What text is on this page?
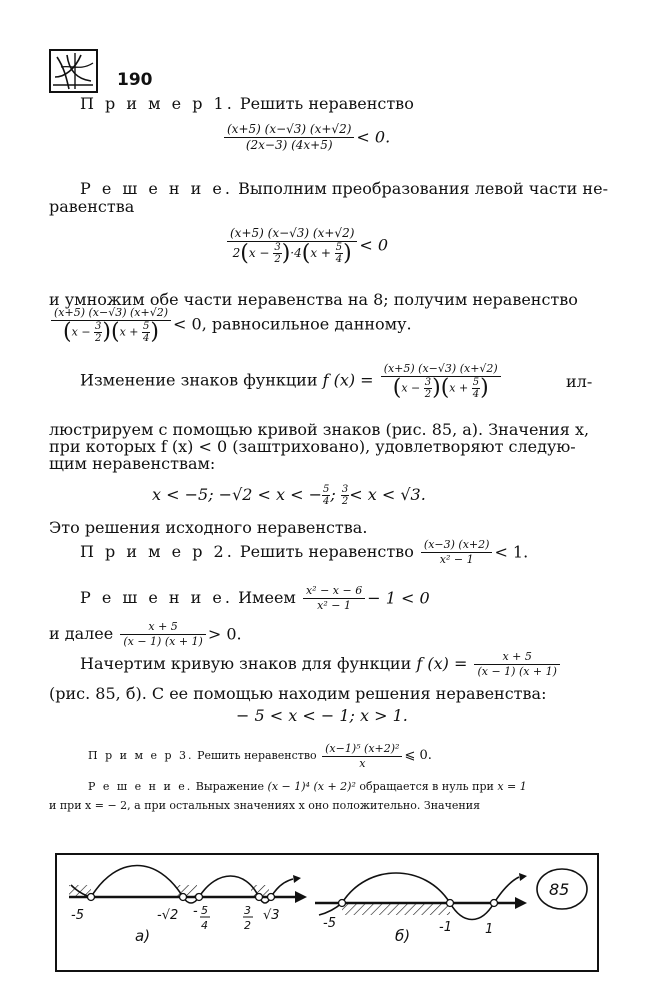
190
П р и м е р 1. Решить неравенство
$\frac{(x+5) (x-√3) (x+√2)}{(2x-3) (4x+5)} < 0$.
Р е ш е н и е. Выполним преобразования левой части не-
равенства
$\frac{(x+5) (x-√3) (x+√2)}{2(x - \frac{3}{2} )\cdot 4(x + \frac{5}{4} )} < 0$
и умножим обе части неравенства на 8; получим неравенство
$\frac{(x+5) (x-√3) (x+√2)}{(x - \frac{3}{2} )(x + \frac{5}{4} )} < 0$, равносильное данному.
Изменение знаков функции f $(x) = \frac{(x+5) (x-√3) (x+√2)}{(x - \frac{3}{2} )(x + \frac{5}{4} )}$	ил-
люстрируем с помощью кривой знаков (рис. 85, а). Значения x,
при которых f (x) < 0 (заштриховано), удовлетворяют следую-
щим неравенствам:
x < −5; −√2 < x < − $\frac{5}{4}$ ; $\frac{3}{2} < x < √3$.
Это решения исходного неравенства.
П р и м е р 2. Решить неравенство $\frac{(x-3) (x+2)}{\text{x² − 1}} < 1$.
Р е ш е н и е. Имеем $\frac{\text{x² − x − 6}}{\text{x² − 1}} - 1 < 0$
и далее $\frac{x + 5}{(x - 1) (x + 1)} > 0$.
Начертим кривую знаков для функции f $(x) = \frac{x + 5}{(x - 1) (x + 1)}$
(рис. 85, б). С ее помощью находим решения неравенства:
− 5 < x < − 1; x > 1.
П р и м е р 3. Решить неравенство $\frac{\text{(x−1)⁵ (x+2)²}}{x}$ ⩽ 0.
Р е ш е н и е. Выражение (x − 1)⁴ (x + 2)² обращается в нуль при x = 1
и при x = − 2, а при остальных значениях x оно положительно. Значения
-5	-√2 - 5
4
3
2
√3
а)
-5	-1	1
б)
85
